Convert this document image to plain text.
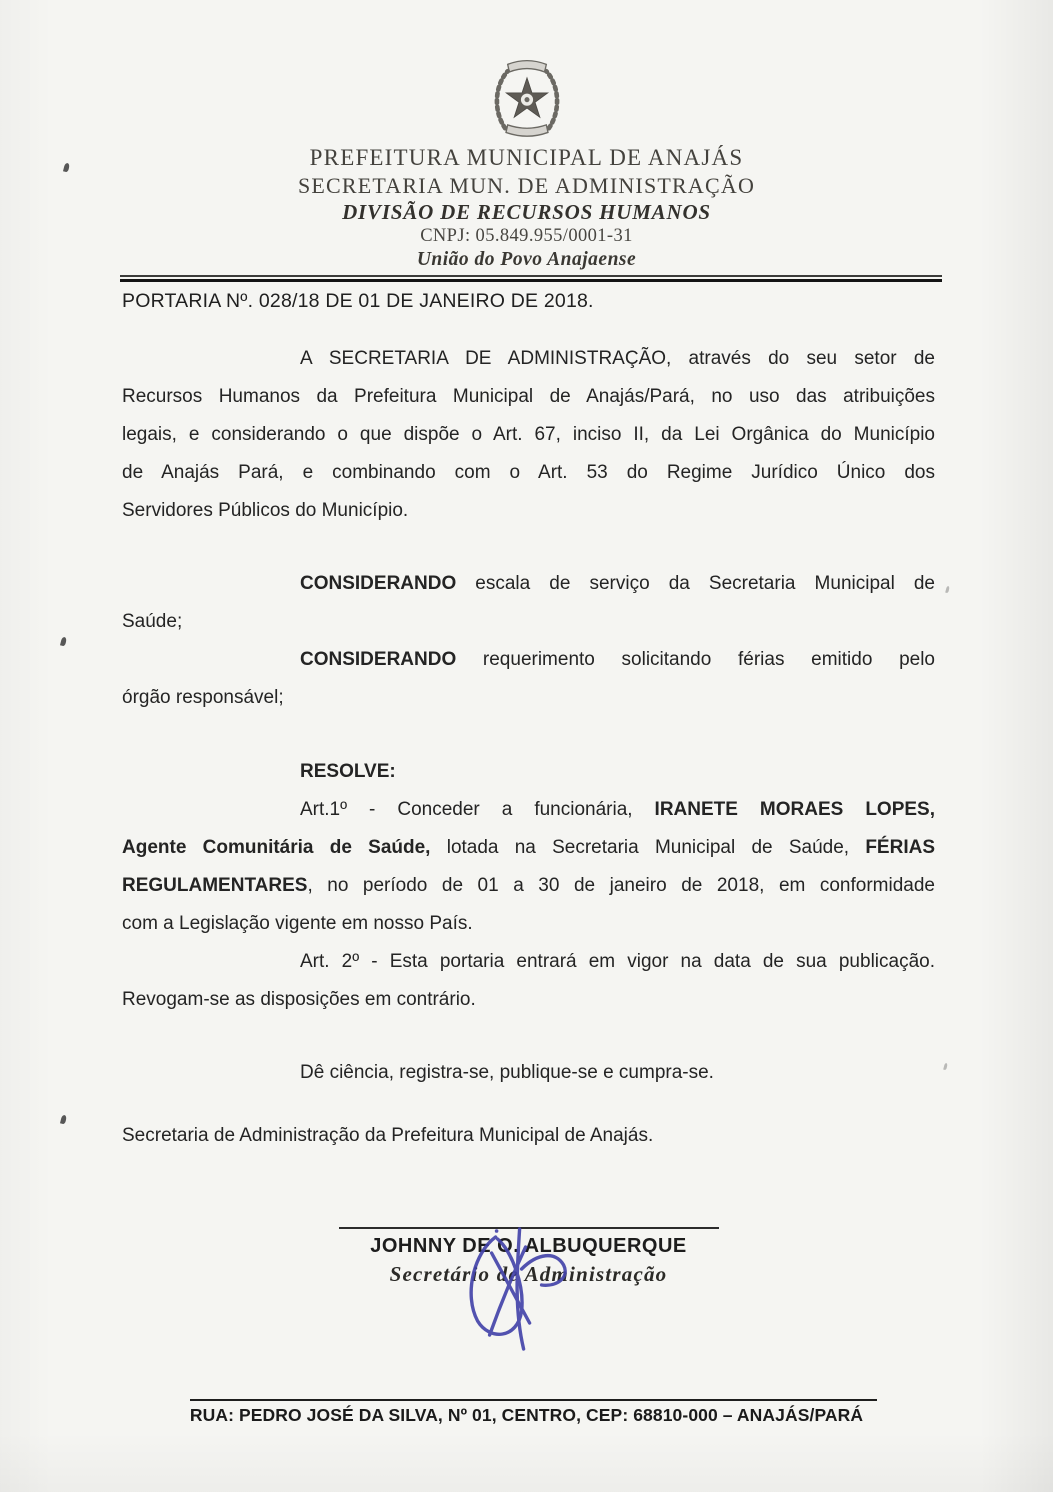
PREFEITURA MUNICIPAL DE ANAJÁS
SECRETARIA MUN. DE ADMINISTRAÇÃO
DIVISÃO DE RECURSOS HUMANOS
CNPJ: 05.849.955/0001-31
União do Povo Anajaense
PORTARIA Nº. 028/18 DE 01 DE JANEIRO DE 2018.
A SECRETARIA DE ADMINISTRAÇÃO, através do seu setor de
Recursos Humanos da Prefeitura Municipal de Anajás/Pará, no uso das atribuições
legais, e considerando o que dispõe o Art. 67, inciso II, da Lei Orgânica do Município
de Anajás Pará, e combinando com o Art. 53 do Regime Jurídico Único dos
Servidores Públicos do Município.
CONSIDERANDO escala de serviço da Secretaria Municipal de
Saúde;
CONSIDERANDO requerimento solicitando férias emitido pelo
órgão responsável;
RESOLVE:
Art.1º - Conceder a funcionária, IRANETE MORAES LOPES,
Agente Comunitária de Saúde, lotada na Secretaria Municipal de Saúde, FÉRIAS
REGULAMENTARES, no período de 01 a 30 de janeiro de 2018, em conformidade
com a Legislação vigente em nosso País.
Art. 2º - Esta portaria entrará em vigor na data de sua publicação.
Revogam-se as disposições em contrário.
Dê ciência, registra-se, publique-se e cumpra-se.
Secretaria de Administração da Prefeitura Municipal de Anajás.
JOHNNY DE O. ALBUQUERQUE
Secretário de Administração
RUA: PEDRO JOSÉ DA SILVA, Nº 01, CENTRO, CEP: 68810-000 – ANAJÁS/PARÁ
